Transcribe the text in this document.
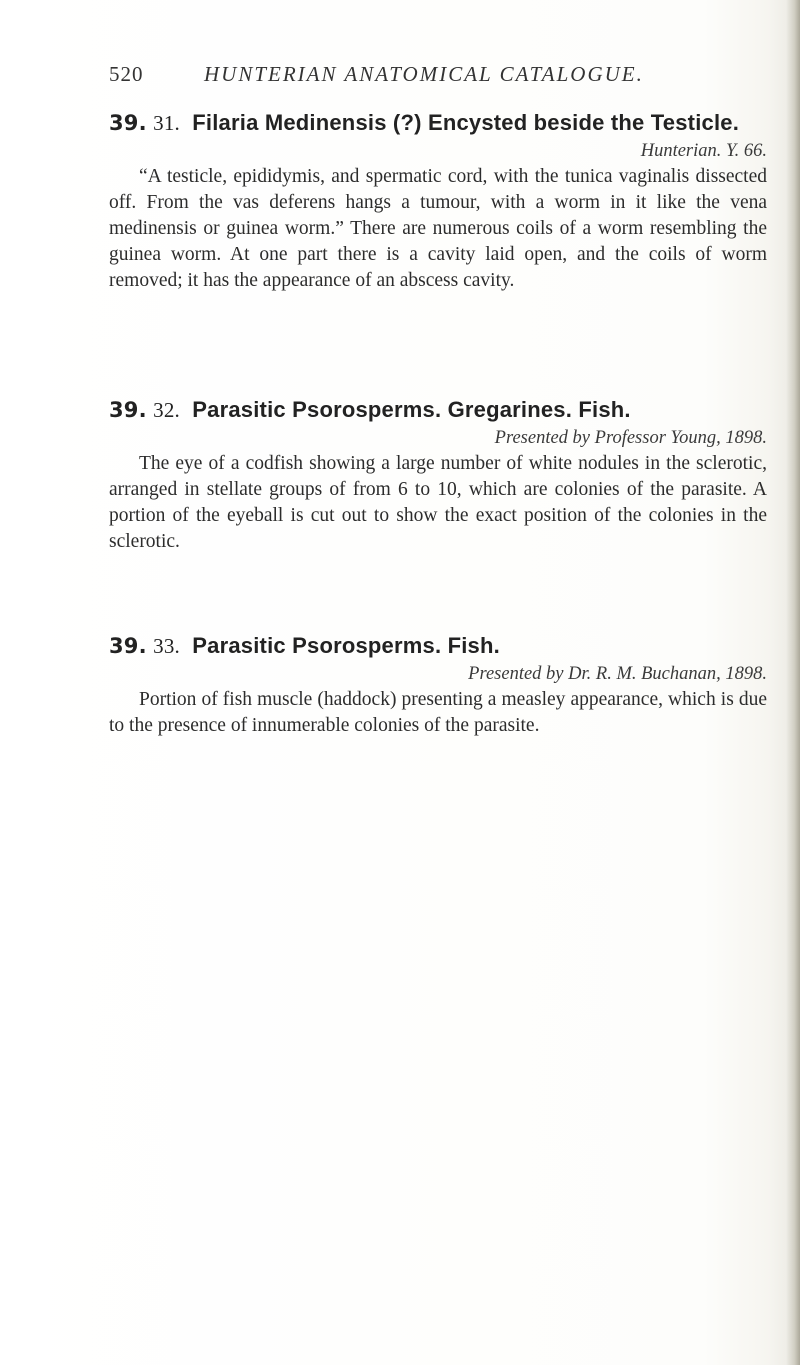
520	HUNTERIAN ANATOMICAL CATALOGUE.

39. 31. Filaria Medinensis (?) Encysted beside the Testicle.

Hunterian. Y. 66.

“A testicle, epididymis, and spermatic cord, with the tunica vaginalis dissected off. From the vas deferens hangs a tumour, with a worm in it like the vena medinensis or guinea worm.” There are numerous coils of a worm resembling the guinea worm. At one part there is a cavity laid open, and the coils of worm removed; it has the appearance of an abscess cavity.

39. 32. Parasitic Psorosperms. Gregarines. Fish.

Presented by Professor Young, 1898.

The eye of a codfish showing a large number of white nodules in the sclerotic, arranged in stellate groups of from 6 to 10, which are colonies of the parasite. A portion of the eyeball is cut out to show the exact position of the colonies in the sclerotic.

39. 33. Parasitic Psorosperms. Fish.

Presented by Dr. R. M. Buchanan, 1898.

Portion of fish muscle (haddock) presenting a measley appearance, which is due to the presence of innumerable colonies of the parasite.
